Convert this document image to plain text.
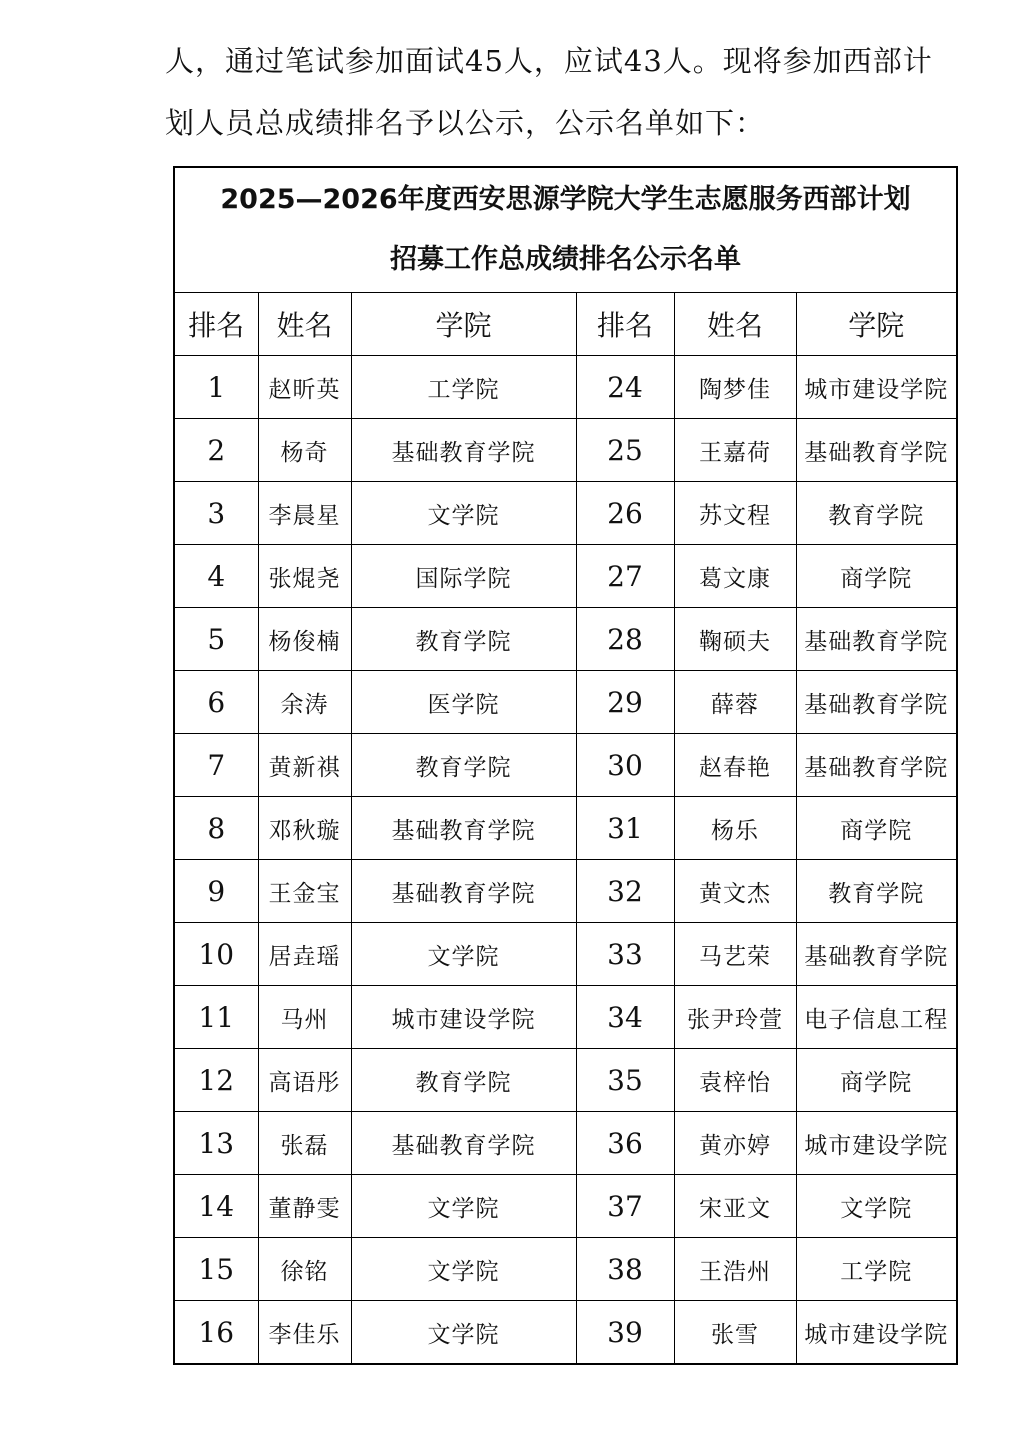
人，通过笔试参加面试45人，应试43人。现将参加西部计

划人员总成绩排名予以公示，公示名单如下：

2025—2026年度西安思源学院大学生志愿服务西部计划
招募工作总成绩排名公示名单					

排名	姓名	学院	排名	姓名	学院
1	赵昕英	工学院	24	陶梦佳	城市建设学院
2	杨奇	基础教育学院	25	王嘉荷	基础教育学院
3	李晨星	文学院	26	苏文程	教育学院
4	张焜尧	国际学院	27	葛文康	商学院
5	杨俊楠	教育学院	28	鞠硕夫	基础教育学院
6	余涛	医学院	29	薛蓉	基础教育学院
7	黄新祺	教育学院	30	赵春艳	基础教育学院
8	邓秋璇	基础教育学院	31	杨乐	商学院
9	王金宝	基础教育学院	32	黄文杰	教育学院
10	居垚瑶	文学院	33	马艺荣	基础教育学院
11	马州	城市建设学院	34	张尹玲萱	电子信息工程
12	高语彤	教育学院	35	袁梓怡	商学院
13	张磊	基础教育学院	36	黄亦婷	城市建设学院
14	董静雯	文学院	37	宋亚文	文学院
15	徐铭	文学院	38	王浩州	工学院
16	李佳乐	文学院	39	张雪	城市建设学院
